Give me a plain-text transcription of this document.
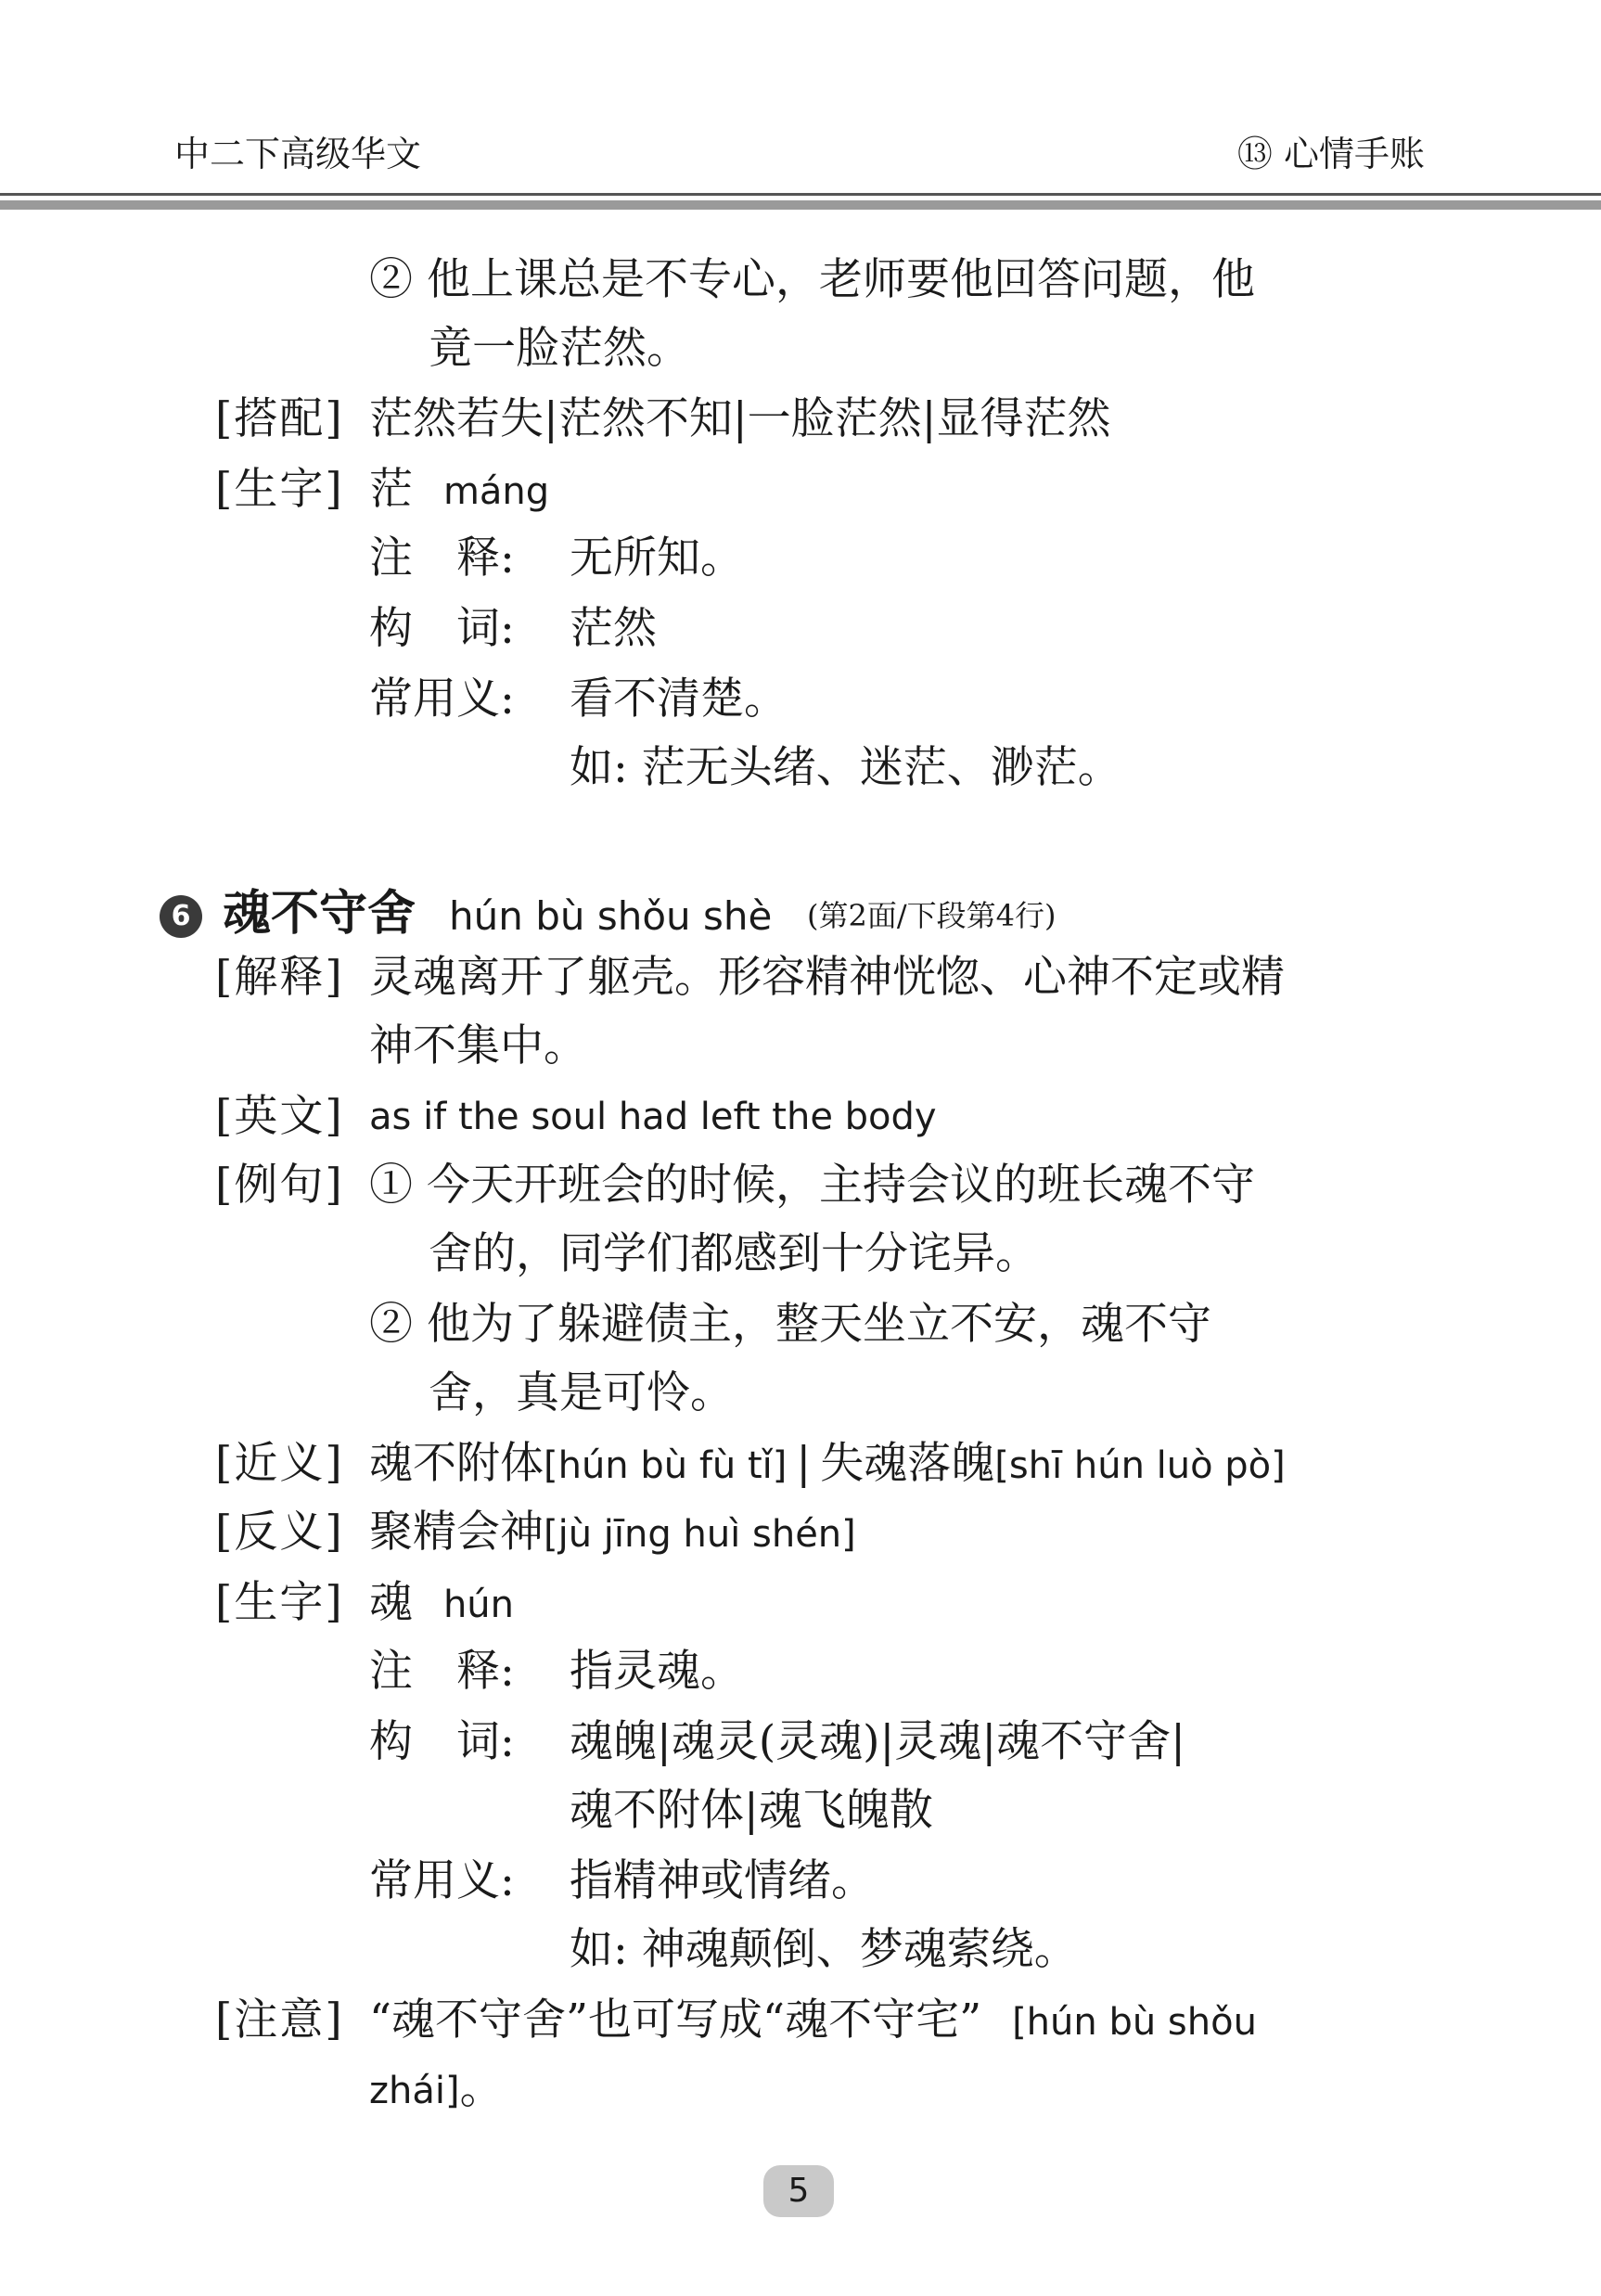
中二下高级华文	⑬ 心情手账
② 他上课总是不专心，老师要他回答问题，他
竟一脸茫然。
[搭配] 茫然若失|茫然不知|一脸茫然|显得茫然
[生字] 茫 máng
注　释: 无所知。
构　词: 茫然
常用义: 看不清楚。
如: 茫无头绪、迷茫、渺茫。
6 魂不守舍 hún bù shǒu shè (第2面/下段第4行)
[解释] 灵魂离开了躯壳。形容精神恍惚、心神不定或精
神不集中。
[英文] as if the soul had left the body
[例句] ① 今天开班会的时候，主持会议的班长魂不守
舍的，同学们都感到十分诧异。
② 他为了躲避债主，整天坐立不安，魂不守
舍，真是可怜。
[近义] 魂不附体[hún bù fù tǐ] | 失魂落魄[shī hún luò pò]
[反义] 聚精会神[jù jīng huì shén]
[生字] 魂 hún
注　释: 指灵魂。
构　词: 魂魄|魂灵(灵魂)|灵魂|魂不守舍|
魂不附体|魂飞魄散
常用义: 指精神或情绪。
如: 神魂颠倒、梦魂萦绕。
[注意] “魂不守舍”也可写成“魂不守宅” [hún bù shǒu
zhái]。
5
